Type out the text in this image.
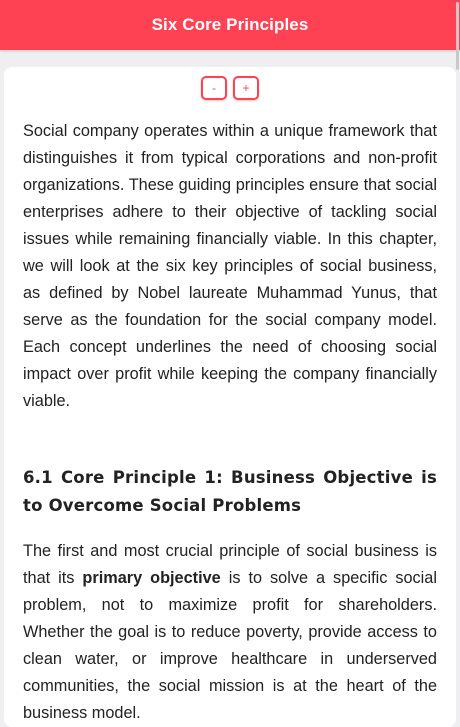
Six Core Principles
-	+

Social company operates within a unique framework that distinguishes it from typical corporations and non-profit organizations. These guiding principles ensure that social enterprises adhere to their objective of tackling social issues while remaining financially viable. In this chapter, we will look at the six key principles of social business, as defined by Nobel laureate Muhammad Yunus, that serve as the foundation for the social company model. Each concept underlines the need of choosing social impact over profit while keeping the company financially viable.

6.1 Core Principle 1: Business Objective is to Overcome Social Problems

The first and most crucial principle of social business is that its primary objective is to solve a specific social problem, not to maximize profit for shareholders. Whether the goal is to reduce poverty, provide access to clean water, or improve healthcare in underserved communities, the social mission is at the heart of the business model.
